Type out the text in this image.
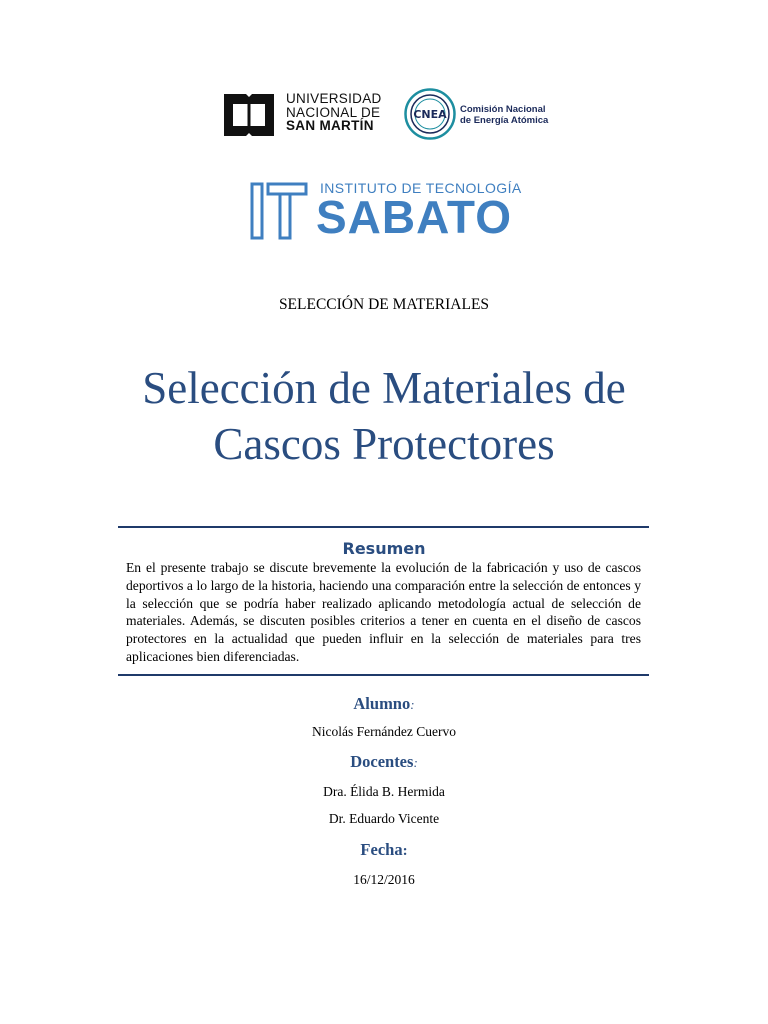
UNIVERSIDAD
NACIONAL DE
SAN MARTÍN
CNEA Comisión Nacional
de Energía Atómica
INSTITUTO DE TECNOLOGÍA
SABATO
SELECCIÓN DE MATERIALES
Selección de Materiales de
Cascos Protectores
Resumen
En el presente trabajo se discute brevemente la evolución de la fabricación y uso de cascos deportivos a lo largo de la historia, haciendo una comparación entre la selección de entonces y la selección que se podría haber realizado aplicando metodología actual de selección de materiales. Además, se discuten posibles criterios a tener en cuenta en el diseño de cascos protectores en la actualidad que pueden influir en la selección de materiales para tres aplicaciones bien diferenciadas.
Alumno:
Nicolás Fernández Cuervo
Docentes:
Dra. Élida B. Hermida
Dr. Eduardo Vicente
Fecha:
16/12/2016
